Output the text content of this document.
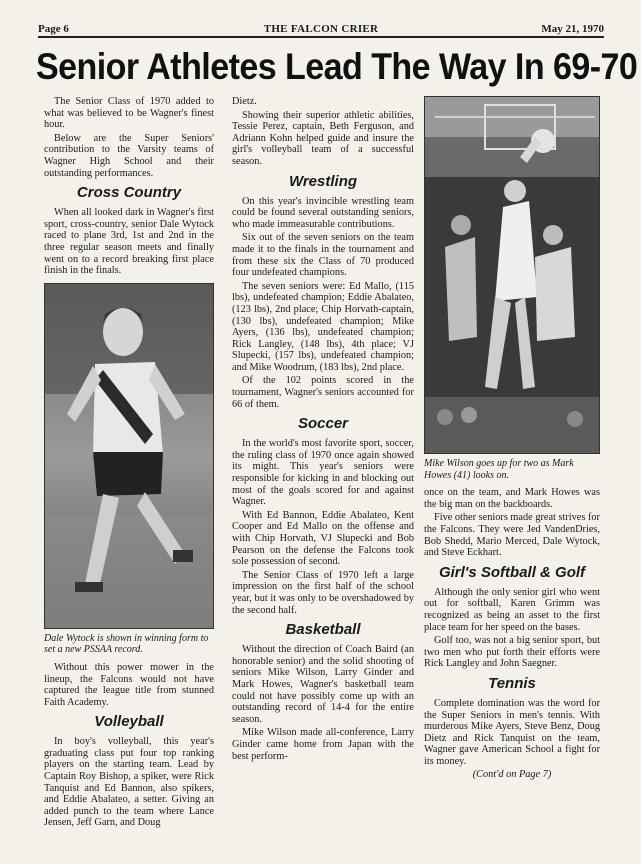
Page 6	THE FALCON CRIER	May 21, 1970
Senior Athletes Lead The Way In 69-70

The Senior Class of 1970 added to what was believed to be Wagner's finest hour.

Below are the Super Seniors' contribution to the Varsity teams of Wagner High School and their outstanding performances.

Cross Country

When all looked dark in Wagner's first sport, cross-country, senior Dale Wytock raced to plane 3rd, 1st and 2nd in the three regular season meets and finally went on to a record breaking first place finish in the finals.

Dale Wytock is shown in winning form to set a new PSSAA record.

Without this power mower in the lineup, the Falcons would not have captured the league title from stunned Faith Academy.

Volleyball

In boy's volleyball, this year's graduating class put four top ranking players on the starting team. Lead by Captain Roy Bishop, a spiker, were Rick Tanquist and Ed Bannon, also spikers, and Eddie Abalateo, a setter. Giving an added punch to the team where Lance Jensen, Jeff Garn, and Doug

Dietz.

Showing their superior athletic abilities, Tessie Perez, captain, Beth Ferguson, and Adriann Kohn helped guide and insure the girl's volleyball team of a successful season.

Wrestling

On this year's invincible wrestling team could be found several outstanding seniors, who made immeasurable contributions.

Six out of the seven seniors on the team made it to the finals in the tournament and from these six the Class of 70 produced four undefeated champions.

The seven seniors were: Ed Mallo, (115 lbs), undefeated champion; Eddie Abalateo, (123 lbs), 2nd place; Chip Horvath-captain, (130 lbs), undefeated champion; Mike Ayers, (136 lbs), undefeated champion; Rick Langley, (148 lbs), 4th place; VJ Slupecki, (157 lbs), undefeated champion; and Mike Woodrum, (183 lbs), 2nd place.

Of the 102 points scored in the tournament, Wagner's seniors accounted for 66 of them.

Soccer

In the world's most favorite sport, soccer, the ruling class of 1970 once again showed its might. This year's seniors were responsible for kicking in and blocking out most of the goals scored for and against Wagner.

With Ed Bannon, Eddie Abalateo, Kent Cooper and Ed Mallo on the offense and with Chip Horvath, VJ Slupecki and Bob Pearson on the defense the Falcons took sole possession of second.

The Senior Class of 1970 left a large impression on the first half of the school year, but it was only to be overshadowed by the second half.

Basketball

Without the direction of Coach Baird (an honorable senior) and the solid shooting of seniors Mike Wilson, Larry Ginder and Mark Howes, Wagner's basketball team could not have possibly come up with an outstanding record of 14-4 for the entire season.

Mike Wilson made all-conference, Larry Ginder came home from Japan with the best perform-

Mike Wilson goes up for two as Mark Howes (41) looks on.

once on the team, and Mark Howes was the big man on the backboards.

Five other seniors made great strives for the Falcons. They were Jed VandenDries, Bob Shedd, Mario Merced, Dale Wytock, and Steve Eckhart.

Girl's Softball & Golf

Although the only senior girl who went out for softball, Karen Grimm was recognized as being an asset to the first place team for her speed on the bases.

Golf too, was not a big senior sport, but two men who put forth their efforts were Rick Langley and John Saegner.

Tennis

Complete domination was the word for the Super Seniors in men's tennis. With murderous Mike Ayers, Steve Benz, Doug Dietz and Rick Tanquist on the team, Wagner gave American School a fight for its money.

(Cont'd on Page 7)
